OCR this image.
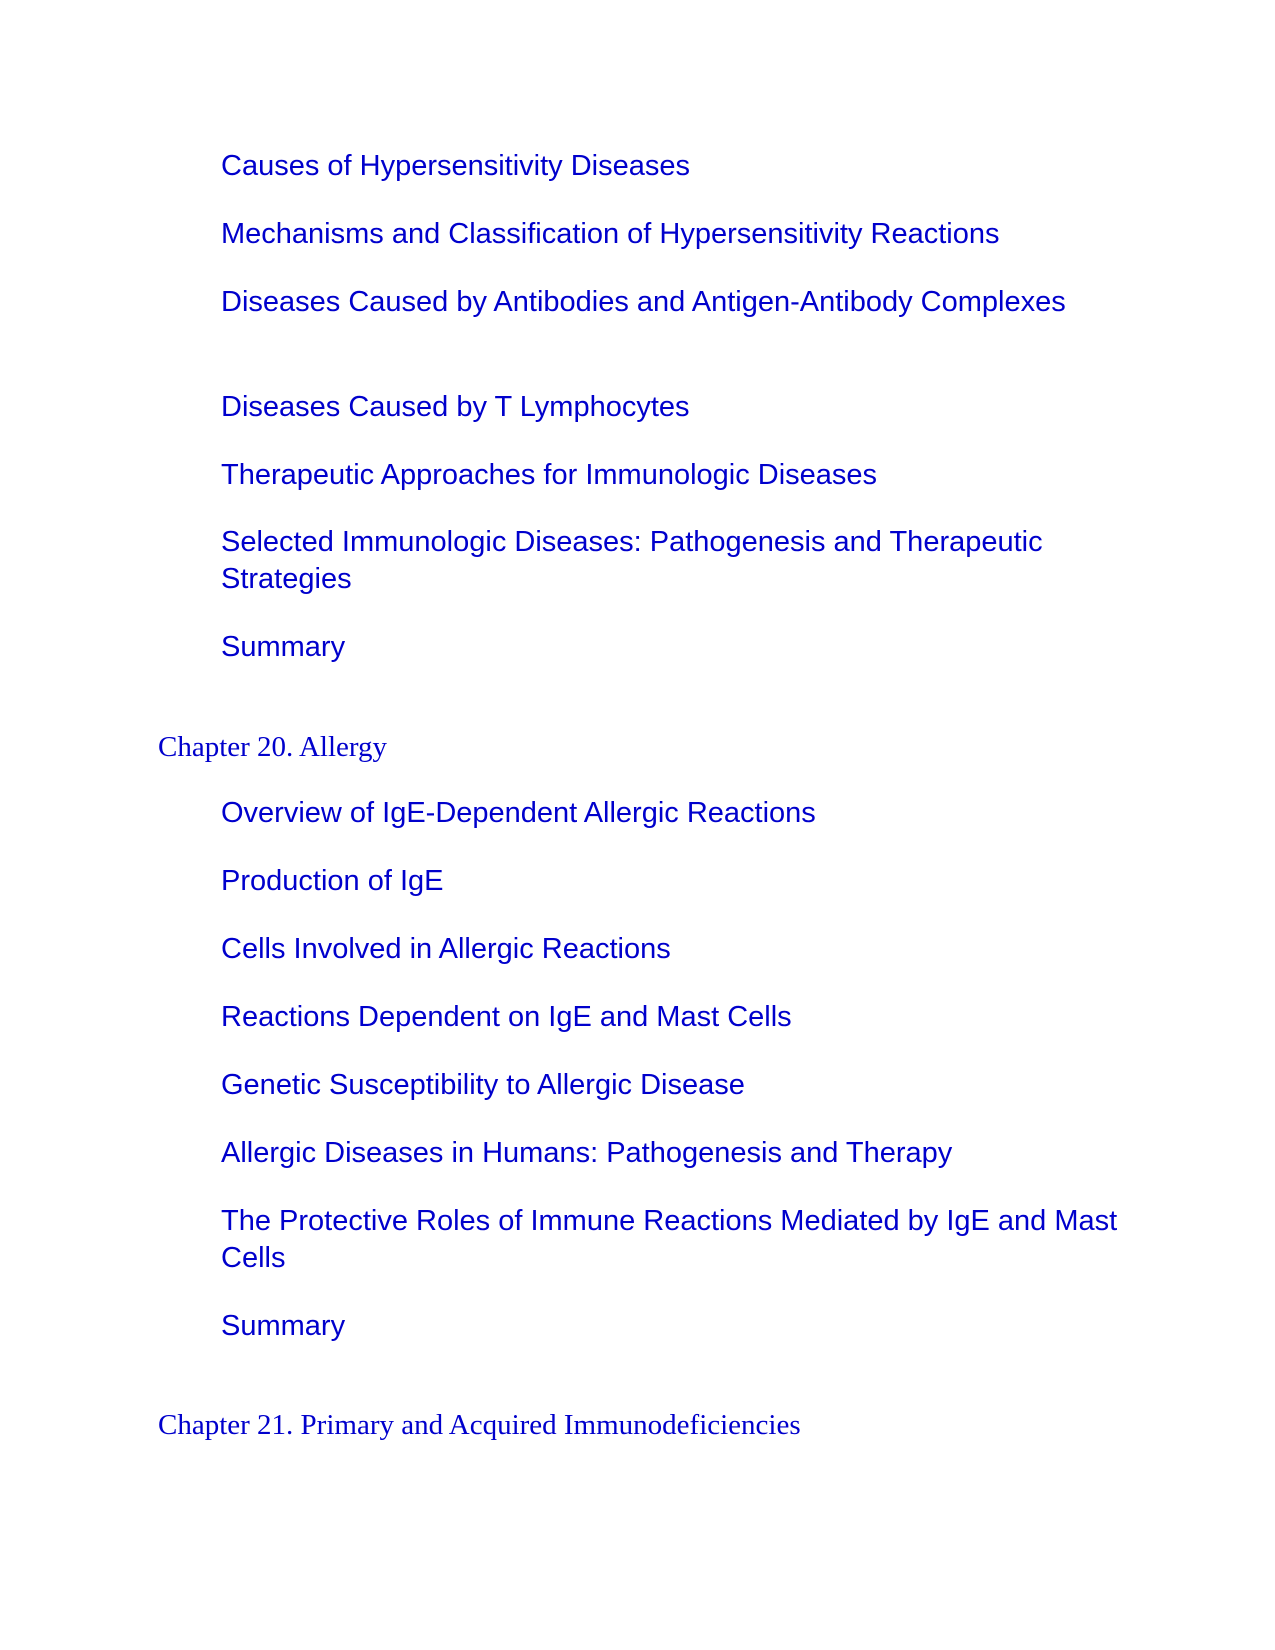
Causes of Hypersensitivity Diseases
Mechanisms and Classification of Hypersensitivity Reactions
Diseases Caused by Antibodies and Antigen-Antibody Complexes
Diseases Caused by T Lymphocytes
Therapeutic Approaches for Immunologic Diseases
Selected Immunologic Diseases: Pathogenesis and Therapeutic Strategies
Summary
Chapter 20. Allergy
Overview of IgE-Dependent Allergic Reactions
Production of IgE
Cells Involved in Allergic Reactions
Reactions Dependent on IgE and Mast Cells
Genetic Susceptibility to Allergic Disease
Allergic Diseases in Humans: Pathogenesis and Therapy
The Protective Roles of Immune Reactions Mediated by IgE and Mast Cells
Summary
Chapter 21. Primary and Acquired Immunodeficiencies
